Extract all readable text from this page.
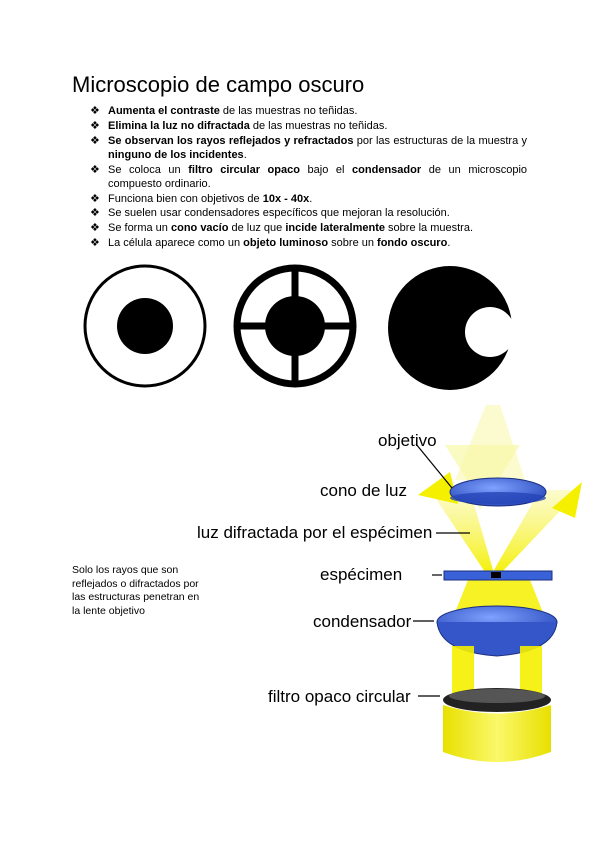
Microscopio de campo oscuro
❖ Aumenta el contraste de las muestras no teñidas.
❖ Elimina la luz no difractada de las muestras no teñidas.
❖ Se observan los rayos reflejados y refractados por las estructuras de la muestra y ninguno de los incidentes.
❖ Se coloca un filtro circular opaco bajo el condensador de un microscopio compuesto ordinario.
❖ Funciona bien con objetivos de 10x - 40x.
❖ Se suelen usar condensadores específicos que mejoran la resolución.
❖ Se forma un cono vacío de luz que incide lateralmente sobre la muestra.
❖ La célula aparece como un objeto luminoso sobre un fondo oscuro.
Solo los rayos que son reflejados o difractados por las estructuras penetran en la lente objetivo
objetivo
cono de luz
luz difractada por el espécimen
espécimen
condensador
filtro opaco circular
